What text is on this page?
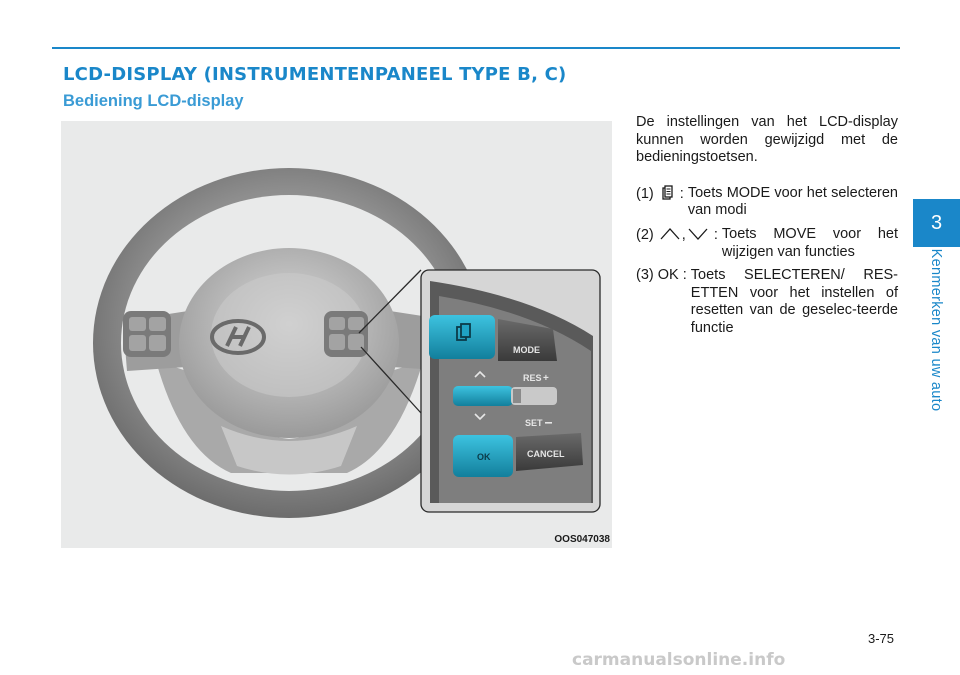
LCD-DISPLAY (INSTRUMENTENPANEEL TYPE B, C)
Bediening LCD-display
MODE
RES +
SET
OK	CANCEL
OOS047038

De instellingen van het LCD-display kunnen worden gewijzigd met de bedieningstoetsen.

(1)  : Toets MODE voor het selecteren van modi
(2) , : Toets MOVE voor het wijzigen van functies
(3) OK : Toets SELECTEREN/ RES-ETTEN voor het instellen of resetten van de geselec-teerde functie
3
Kenmerken van uw auto
3-75
carmanualsonline.info
